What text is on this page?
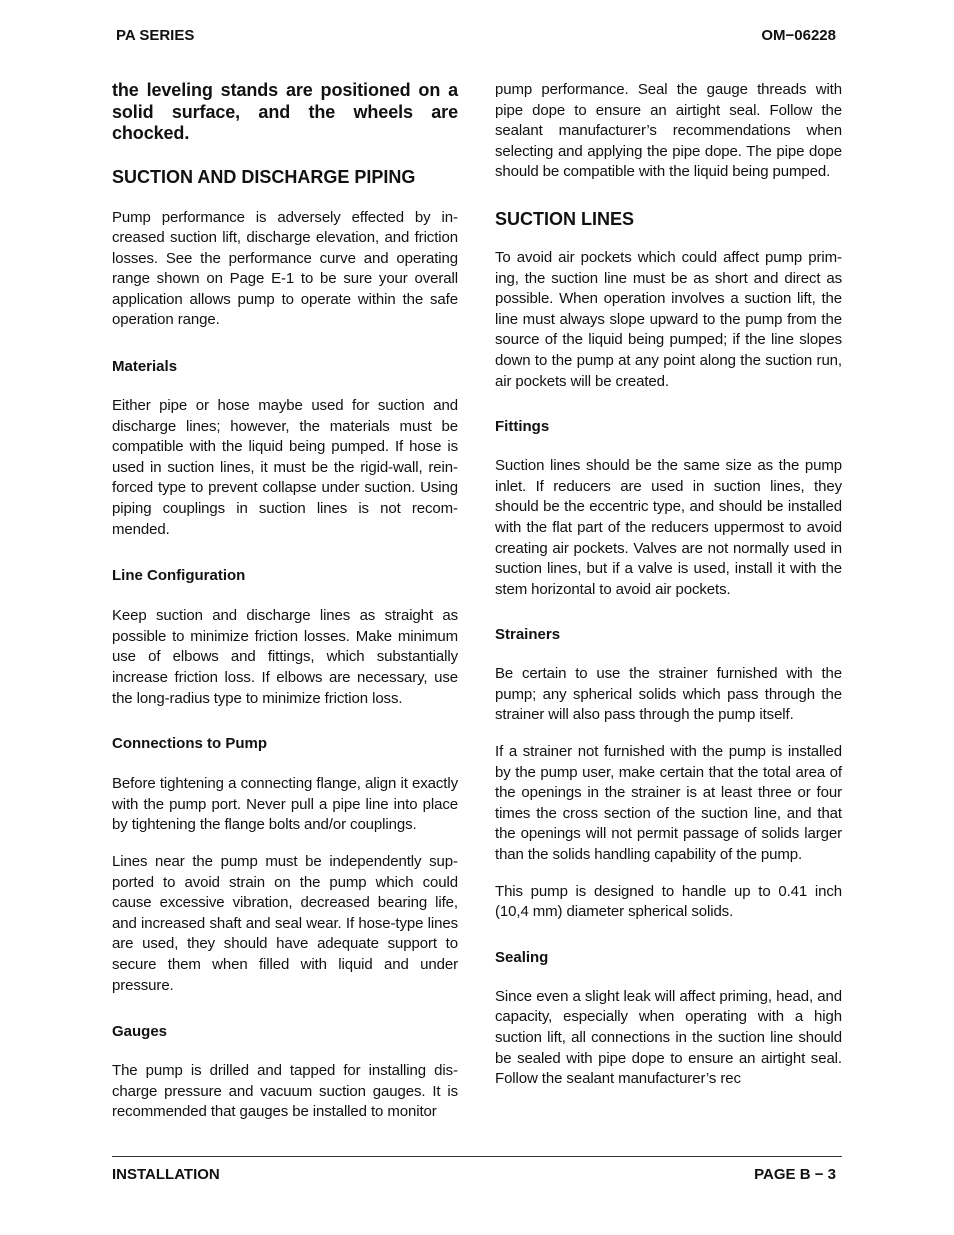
PA SERIES	OM−06228

the leveling stands are positioned on a solid surface, and the wheels are chocked.

SUCTION AND DISCHARGE PIPING

Pump performance is adversely effected by increased suction lift, discharge elevation, and friction losses. See the performance curve and operating range shown on Page E-1 to be sure your overall application allows pump to operate within the safe operation range.

Materials

Either pipe or hose maybe used for suction and discharge lines; however, the materials must be compatible with the liquid being pumped. If hose is used in suction lines, it must be the rigid-wall, reinforced type to prevent collapse under suction. Using piping couplings in suction lines is not recommended.

Line Configuration

Keep suction and discharge lines as straight as possible to minimize friction losses. Make minimum use of elbows and fittings, which substantially increase friction loss. If elbows are necessary, use the long-radius type to minimize friction loss.

Connections to Pump

Before tightening a connecting flange, align it exactly with the pump port. Never pull a pipe line into place by tightening the flange bolts and/or couplings.

Lines near the pump must be independently supported to avoid strain on the pump which could cause excessive vibration, decreased bearing life, and increased shaft and seal wear. If hose-type lines are used, they should have adequate support to secure them when filled with liquid and under pressure.

Gauges

The pump is drilled and tapped for installing discharge pressure and vacuum suction gauges. It is recommended that gauges be installed to monitor

pump performance. Seal the gauge threads with pipe dope to ensure an airtight seal. Follow the sealant manufacturer’s recommendations when selecting and applying the pipe dope. The pipe dope should be compatible with the liquid being pumped.

SUCTION LINES

To avoid air pockets which could affect pump priming, the suction line must be as short and direct as possible. When operation involves a suction lift, the line must always slope upward to the pump from the source of the liquid being pumped; if the line slopes down to the pump at any point along the suction run, air pockets will be created.

Fittings

Suction lines should be the same size as the pump inlet. If reducers are used in suction lines, they should be the eccentric type, and should be installed with the flat part of the reducers uppermost to avoid creating air pockets. Valves are not normally used in suction lines, but if a valve is used, install it with the stem horizontal to avoid air pockets.

Strainers

Be certain to use the strainer furnished with the pump; any spherical solids which pass through the strainer will also pass through the pump itself.

If a strainer not furnished with the pump is installed by the pump user, make certain that the total area of the openings in the strainer is at least three or four times the cross section of the suction line, and that the openings will not permit passage of solids larger than the solids handling capability of the pump.

This pump is designed to handle up to 0.41 inch (10,4 mm) diameter spherical solids.

Sealing

Since even a slight leak will affect priming, head, and capacity, especially when operating with a high suction lift, all connections in the suction line should be sealed with pipe dope to ensure an airtight seal. Follow the sealant manufacturer’s rec

INSTALLATION	PAGE B − 3
